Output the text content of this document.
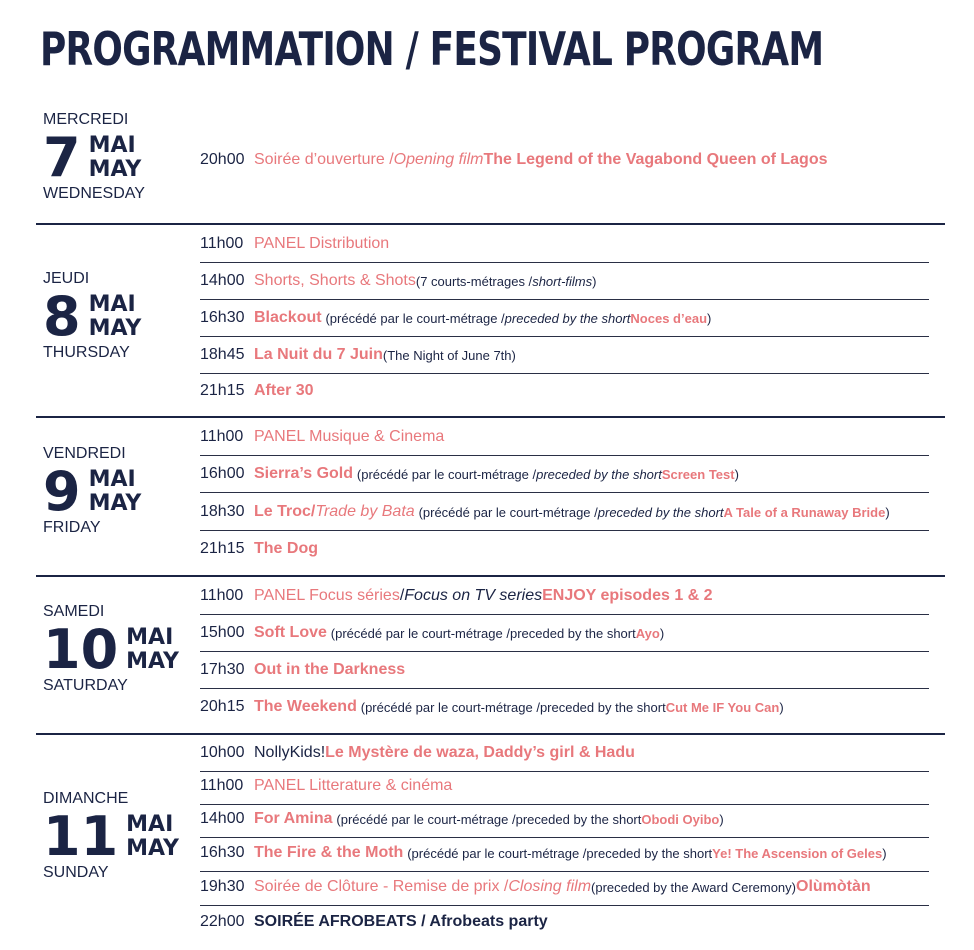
PROGRAMMATION / FESTIVAL PROGRAM
MERCREDI
7 MAI
MAY
WEDNESDAY
20h00 Soirée d’ouverture / Opening film The Legend of the Vagabond Queen of Lagos
JEUDI
8 MAI
MAY
THURSDAY
11h00 PANEL Distribution
14h00 Shorts, Shorts & Shots (7 courts-métrages / short-films )
16h30 Blackout
(précédé par le court-métrage / preceded by the short Noces d’eau )
18h45 La Nuit du 7 Juin (The Night of June 7th)
21h15 After 30
VENDREDI
9 MAI
MAY
FRIDAY
11h00 PANEL Musique & Cinema
16h00 Sierra’s Gold
(précédé par le court-métrage / preceded by the short Screen Test )
18h30 Le Troc/ Trade by Bata
(précédé par le court-métrage / preceded by the short A Tale of a Runaway Bride )
21h15 The Dog
SAMEDI
10 MAI
MAY
SATURDAY
11h00 PANEL Focus séries / Focus on TV series ENJOY episodes 1 & 2
15h00 Soft Love
(précédé par le court-métrage / preceded by the short Ayo )
17h30 Out in the Darkness
20h15 The Weekend
(précédé par le court-métrage / preceded by the short Cut Me IF You Can )
DIMANCHE
11 MAI
MAY
SUNDAY
10h00 NollyKids! Le Mystère de waza, Daddy’s girl & Hadu
11h00 PANEL Litterature & cinéma
14h00 For Amina
(précédé par le court-métrage / preceded by the short Obodi Oyibo )
16h30 The Fire & the Moth
(précédé par le court-métrage / preceded by the short Ye! The Ascension of Geles )
19h30 Soirée de Clôture - Remise de prix / Closing film (preceded by the Award Ceremony) Olùmòtàn
22h00 SOIRÉE AFROBEATS / Afrobeats party
